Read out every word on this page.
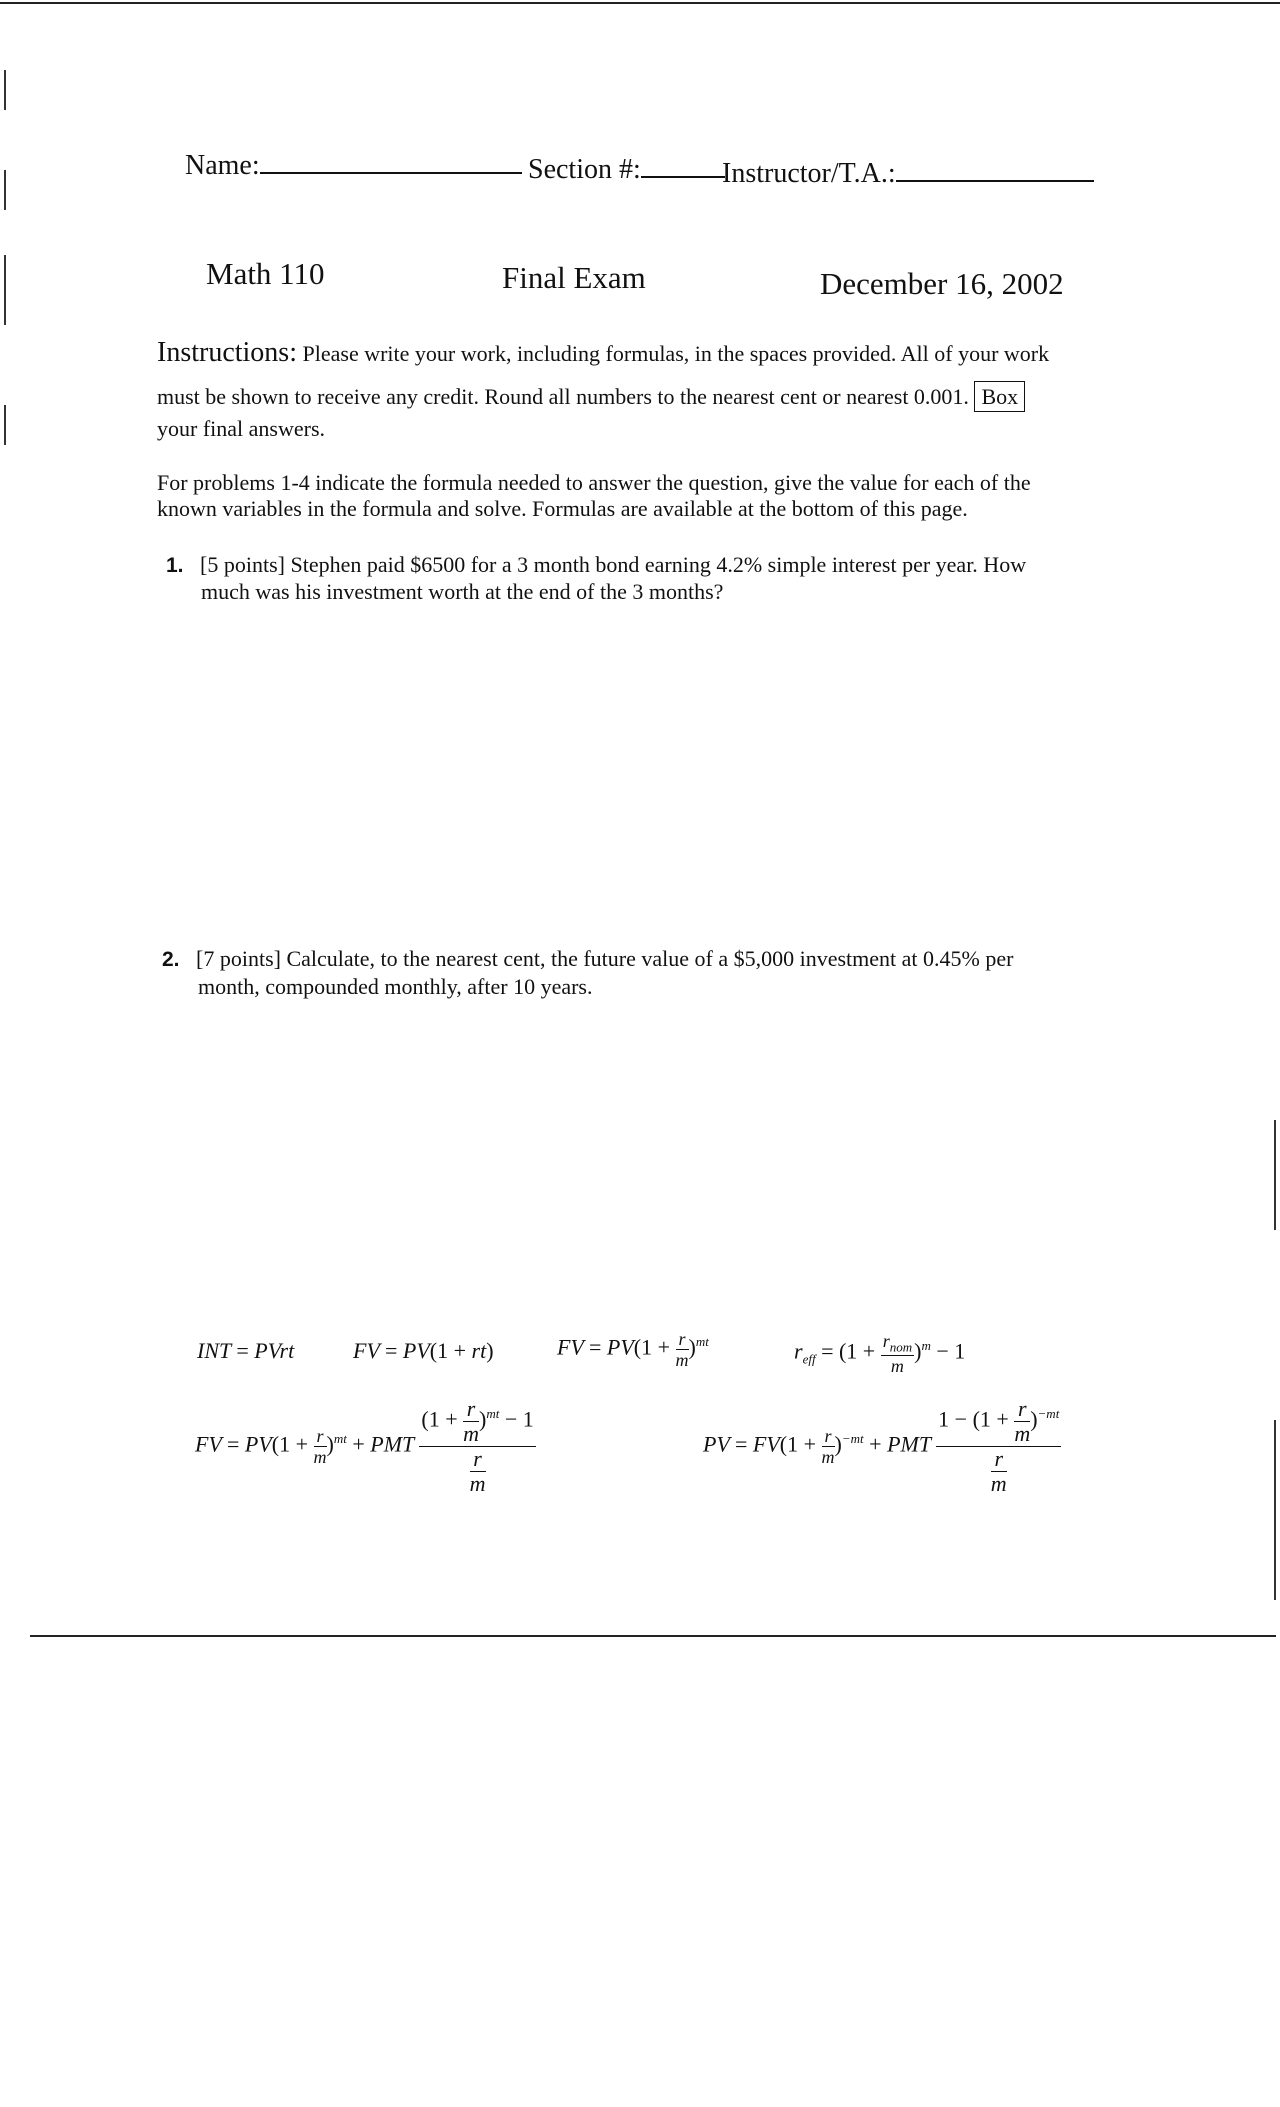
Name:	Section #:	Instructor/T.A.:
Math 110	Final Exam	December 16, 2002
Instructions: Please write your work, including formulas, in the spaces provided. All of your work
must be shown to receive any credit. Round all numbers to the nearest cent or nearest 0.001. Box
your final answers.
For problems 1-4 indicate the formula needed to answer the question, give the value for each of the
known variables in the formula and solve. Formulas are available at the bottom of this page.
1. [5 points] Stephen paid $6500 for a 3 month bond earning 4.2% simple interest per year. How
much was his investment worth at the end of the 3 months?
2. [7 points] Calculate, to the nearest cent, the future value of a $5,000 investment at 0.45% per
month, compounded monthly, after 10 years.
INT = PVrt	FV = PV(1 + rt)	FV = $PV(1 + \frac{r}{m} )^{mt}$	$r_{eff} = (1 + \frac{r_{nom}}{m} )^m - 1$
FV = $PV(1 + \frac{r}{m} )^{mt}$ + PMT $\frac{(1 + \frac{r}{m} )^{mt} - 1}{\frac{r}{m}}$	PV = $FV(1 + \frac{r}{m} )^{-mt}$ + PMT $\frac{1 - (1 + \frac{r}{m} )^{-mt}}{\frac{r}{m}}$
